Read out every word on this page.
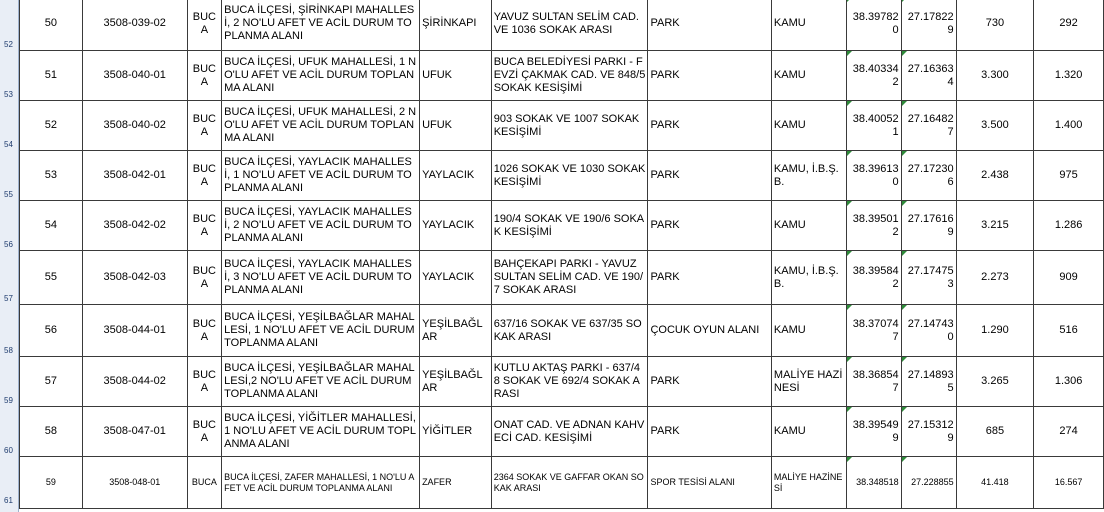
52
53
54
55
56
57
58
59
60
61
50	3508-039-02	BUCA	BUCA İLÇESİ, ŞİRİNKAPI MAHALLESİ, 2 NO'LU AFET VE ACİL DURUM TOPLANMA ALANI	ŞİRİNKAPI	YAVUZ SULTAN SELİM CAD.VE 1036 SOKAK ARASI	PARK	KAMU	38.397820	27.178229	730	292
51	3508-040-01	BUCA	BUCA İLÇESİ, UFUK MAHALLESİ, 1 NO'LU AFET VE ACİL DURUM TOPLANMA ALANI	UFUK	BUCA BELEDİYESİ PARKI - FEVZİ ÇAKMAK CAD. VE 848/5 SOKAK KESİŞİMİ	PARK	KAMU	38.403342	27.163634	3.300	1.320
52	3508-040-02	BUCA	BUCA İLÇESİ, UFUK MAHALLESİ, 2 NO'LU AFET VE ACİL DURUM TOPLANMA ALANI	UFUK	903 SOKAK VE 1007 SOKAK KESİŞİMİ	PARK	KAMU	38.400521	27.164827	3.500	1.400
53	3508-042-01	BUCA	BUCA İLÇESİ, YAYLACIK MAHALLESİ, 1 NO'LU AFET VE ACİL DURUM TOPLANMA ALANI	YAYLACIK	1026 SOKAK VE 1030 SOKAK KESİŞİMİ	PARK	KAMU, İ.B.Ş.B.	38.396130	27.172306	2.438	975
54	3508-042-02	BUCA	BUCA İLÇESİ, YAYLACIK MAHALLESİ, 2 NO'LU AFET VE ACİL DURUM TOPLANMA ALANI	YAYLACIK	190/4 SOKAK VE 190/6 SOKAK KESİŞİMİ	PARK	KAMU	38.395012	27.176169	3.215	1.286
55	3508-042-03	BUCA	BUCA İLÇESİ, YAYLACIK MAHALLESİ, 3 NO'LU AFET VE ACİL DURUM TOPLANMA ALANI	YAYLACIK	BAHÇEKAPI PARKI - YAVUZ SULTAN SELİM CAD. VE 190/7 SOKAK ARASI	PARK	KAMU, İ.B.Ş.B.	38.395842	27.174753	2.273	909
56	3508-044-01	BUCA	BUCA İLÇESİ, YEŞİLBAĞLAR MAHALLESİ, 1 NO'LU AFET VE ACİL DURUM TOPLANMA ALANI	YEŞİLBAĞLAR	637/16 SOKAK VE 637/35 SOKAK ARASI	ÇOCUK OYUN ALANI	KAMU	38.370747	27.147430	1.290	516
57	3508-044-02	BUCA	BUCA İLÇESİ, YEŞİLBAĞLAR MAHALLESİ,2 NO'LU AFET VE ACİL DURUM TOPLANMA ALANI	YEŞİLBAĞLAR	KUTLU AKTAŞ PARKI - 637/48 SOKAK VE 692/4 SOKAK ARASI	PARK	MALİYE HAZİNESİ	38.368547	27.148935	3.265	1.306
58	3508-047-01	BUCA	BUCA İLÇESİ, YİĞİTLER MAHALLESİ, 1 NO'LU AFET VE ACİL DURUM TOPLANMA ALANI	YİĞİTLER	ONAT CAD. VE ADNAN KAHVECİ CAD. KESİŞİMİ	PARK	KAMU	38.395499	27.153129	685	274
59	3508-048-01	BUCA	BUCA İLÇESİ, ZAFER MAHALLESİ, 1 NO'LU AFET VE ACİL DURUM TOPLANMA ALANI	ZAFER	2364 SOKAK VE GAFFAR OKAN SOKAK ARASI	SPOR TESİSİ ALANI	MALİYE HAZİNESİ	38.348518	27.228855	41.418	16.567
